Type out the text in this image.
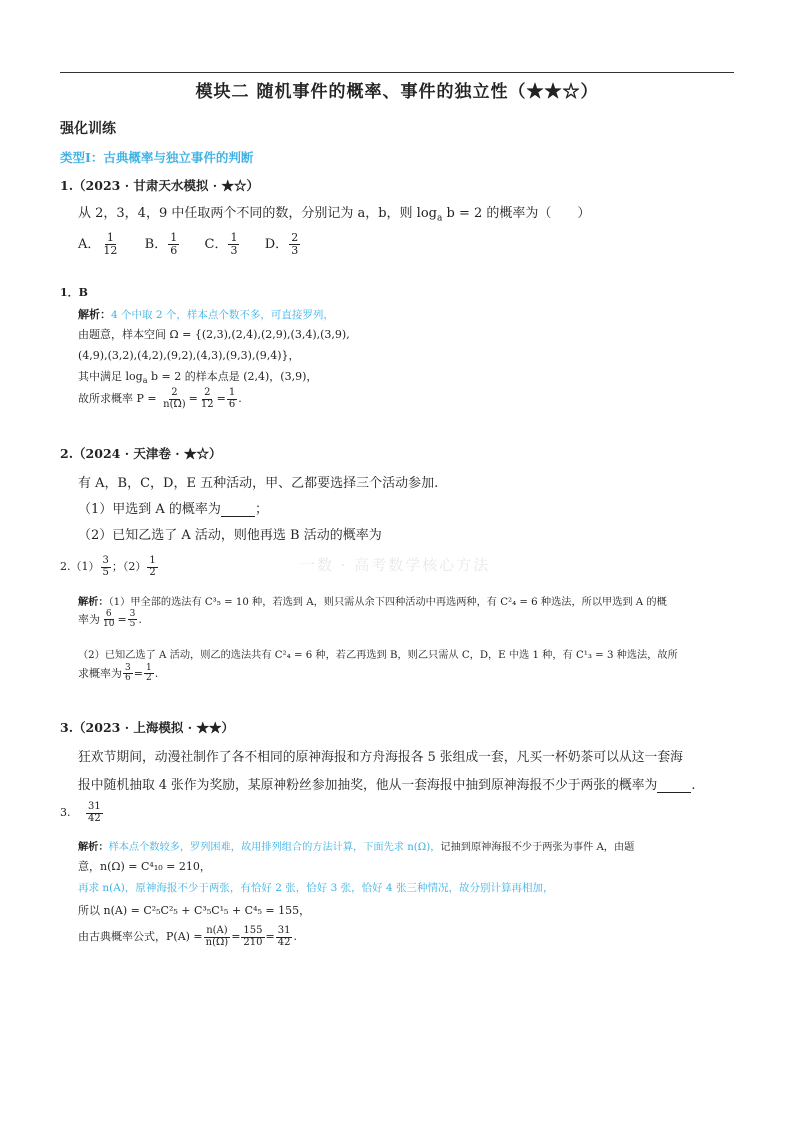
模块二 随机事件的概率、事件的独立性（★★☆）
强化训练
类型Ⅰ：古典概率与独立事件的判断
1.（2023 · 甘肃天水模拟 · ★☆）
从 2，3，4，9 中任取两个不同的数，分别记为 a，b，则 $\log_a b = 2$ 的概率为（ ）
A． $\frac{1}{12}$ B． $\frac{1}{6}$ C． $\frac{1}{3}$ D． $\frac{2}{3}$
1．B
解析：4 个中取 2 个，样本点个数不多，可直接罗列，
由题意，样本空间 Ω = {(2,3),(2,4),(2,9),(3,4),(3,9),
(4,9),(3,2),(4,2),(9,2),(4,3),(9,3),(9,4)}，
其中满足 $\log_a b = 2$ 的样本点是 (2,4)，(3,9)，
故所求概率 $P = \frac{2}{n(\Omega)} = \frac{2}{12} = \frac{1}{6}$ .
2.（2024 · 天津卷 · ★☆）
有 A，B，C，D，E 五种活动，甲、乙都要选择三个活动参加.
（1）甲选到 A 的概率为	；
（2）已知乙选了 A 活动，则他再选 B 活动的概率为
一数 · 高考数学核心方法
$2.(1) \frac{3}{5}$ ；$(2) \frac{1}{2}$
解析：（1）甲全部的选法有 C³₅ = 10 种，若选到 A，则只需从余下四种活动中再选两种，有 C²₄ = 6 种选法，所以甲选到 A 的概
率为 $\frac{6}{10} = \frac{3}{5}$ .
（2）已知乙选了 A 活动，则乙的选法共有 C²₄ = 6 种，若乙再选到 B，则乙只需从 C，D，E 中选 1 种，有 C¹₃ = 3 种选法，故所
求概率为 $\frac{3}{6} = \frac{1}{2}$ .
3.（2023 · 上海模拟 · ★★）
狂欢节期间，动漫社制作了各不相同的原神海报和方舟海报各 5 张组成一套，凡买一杯奶茶可以从这一套海
报中随机抽取 4 张作为奖励，某原神粉丝参加抽奖，他从一套海报中抽到原神海报不少于两张的概率为	.
3. $\frac{31}{42}$
解析：样本点个数较多，罗列困难，故用排列组合的方法计算，下面先求 n(Ω)，记抽到原神海报不少于两张为事件 A，由题
意，n(Ω) = C⁴₁₀ = 210，
再求 n(A)，原神海报不少于两张，有恰好 2 张，恰好 3 张，恰好 4 张三种情况，故分别计算再相加，
所以 n(A) = C²₅C²₅ + C³₅C¹₅ + C⁴₅ = 155，
由古典概率公式，$P(A) = \frac{n(A)}{n(\Omega)} = \frac{155}{210} = \frac{31}{42}$ .
